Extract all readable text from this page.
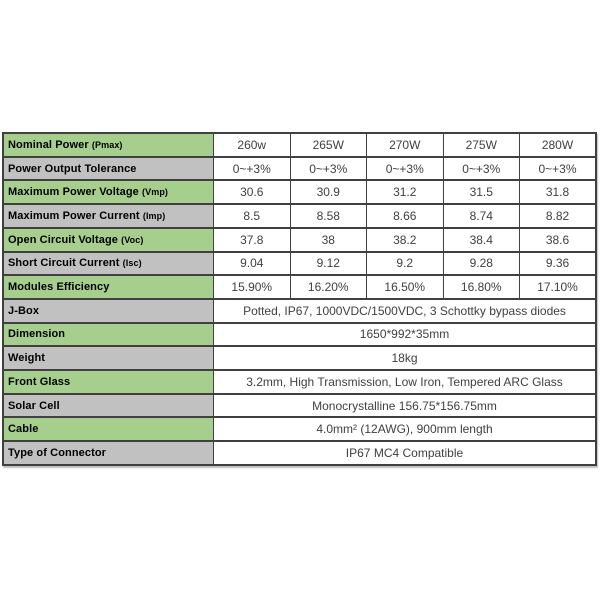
Nominal Power (Pmax)	260w	265W	270W	275W	280W
Power Output Tolerance	0~+3%	0~+3%	0~+3%	0~+3%	0~+3%
Maximum Power Voltage (Vmp)	30.6	30.9	31.2	31.5	31.8
Maximum Power Current (Imp)	8.5	8.58	8.66	8.74	8.82
Open Circuit Voltage (Voc)	37.8	38	38.2	38.4	38.6
Short Circuit Current (Isc)	9.04	9.12	9.2	9.28	9.36
Modules Efficiency	15.90%	16.20%	16.50%	16.80%	17.10%
J-Box	Potted, IP67, 1000VDC/1500VDC, 3 Schottky bypass diodes				
Dimension	1650*992*35mm				
Weight	18kg				
Front Glass	3.2mm, High Transmission, Low Iron, Tempered ARC Glass				
Solar Cell	Monocrystalline 156.75*156.75mm				
Cable	4.0mm² (12AWG), 900mm length				
Type of Connector	IP67 MC4 Compatible				
